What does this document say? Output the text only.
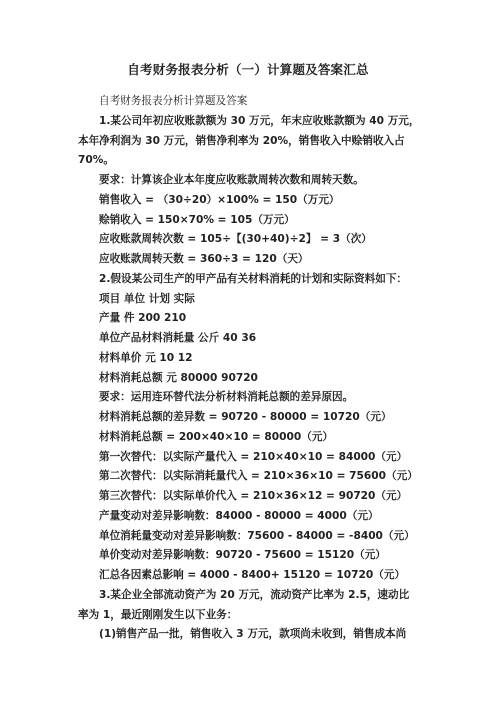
自考财务报表分析（一）计算题及答案汇总
自考财务报表分析计算题及答案
1.某公司年初应收账款额为 30 万元，年末应收账款额为 40 万元，
本年净利润为 30 万元，销售净利率为 20%，销售收入中赊销收入占
70%。
要求：计算该企业本年度应收账款周转次数和周转天数。
销售收入 = （30÷20）×100% = 150（万元）
赊销收入 = 150×70% = 105（万元）
应收账款周转次数 = 105÷【(30+40)÷2】 = 3（次）
应收账款周转天数 = 360÷3 = 120（天）
2.假设某公司生产的甲产品有关材料消耗的计划和实际资料如下：
项目 单位 计划 实际
产量 件 200 210
单位产品材料消耗量 公斤 40 36
材料单价 元 10 12
材料消耗总额 元 80000 90720
要求：运用连环替代法分析材料消耗总额的差异原因。
材料消耗总额的差异数 = 90720 - 80000 = 10720（元）
材料消耗总额 = 200×40×10 = 80000（元）
第一次替代：以实际产量代入 = 210×40×10 = 84000（元）
第二次替代：以实际消耗量代入 = 210×36×10 = 75600（元）
第三次替代：以实际单价代入 = 210×36×12 = 90720（元）
产量变动对差异影响数：84000 - 80000 = 4000（元）
单位消耗量变动对差异影响数：75600 - 84000 = -8400（元）
单价变动对差异影响数：90720 - 75600 = 15120（元）
汇总各因素总影响 = 4000 - 8400+ 15120 = 10720（元）
3.某企业全部流动资产为 20 万元，流动资产比率为 2.5，速动比
率为 1，最近刚刚发生以下业务：
(1)销售产品一批，销售收入 3 万元，款项尚未收到，销售成本尚
